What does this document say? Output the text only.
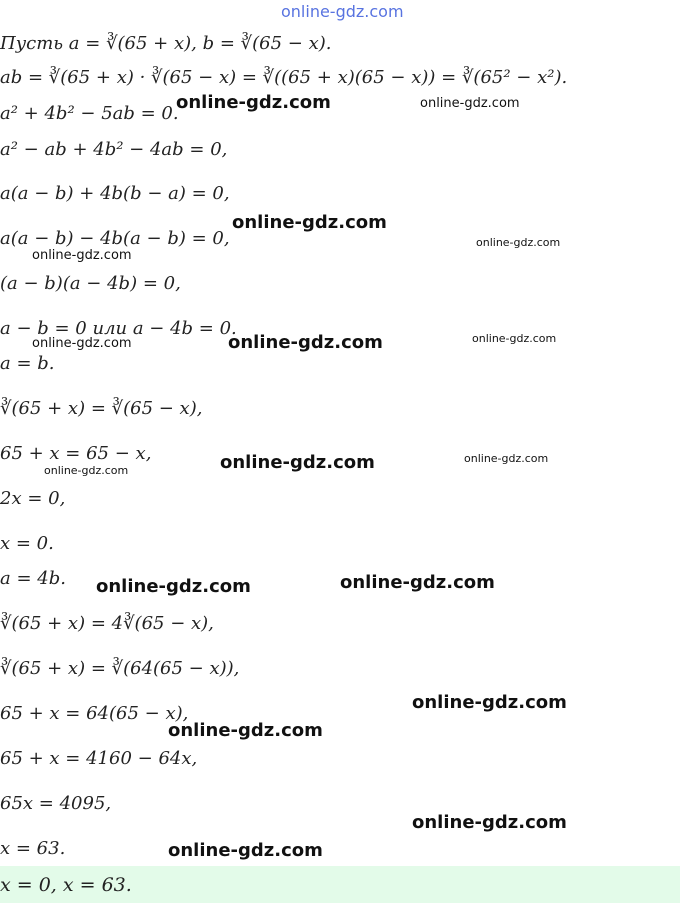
online-gdz.com
Пусть a = ∛(65 + x), b = ∛(65 − x).
ab = ∛(65 + x) · ∛(65 − x) = ∛((65 + x)(65 − x)) = ∛(65² − x²).
a² + 4b² − 5ab = 0.
a² − ab + 4b² − 4ab = 0,
a(a − b) + 4b(b − a) = 0,
a(a − b) − 4b(a − b) = 0,
(a − b)(a − 4b) = 0,
a − b = 0 или a − 4b = 0.
a = b.
∛(65 + x) = ∛(65 − x),
65 + x = 65 − x,
2x = 0,
x = 0.
a = 4b.
∛(65 + x) = 4∛(65 − x),
∛(65 + x) = ∛(64(65 − x)),
65 + x = 64(65 − x),
65 + x = 4160 − 64x,
65x = 4095,
x = 63.
x = 0, x = 63.
online-gdz.com	online-gdz.com
online-gdz.com
online-gdz.com
online-gdz.com
online-gdz.com	online-gdz.com
online-gdz.com
online-gdz.com	online-gdz.com
online-gdz.com
online-gdz.com	online-gdz.com
online-gdz.com
online-gdz.com
online-gdz.com
online-gdz.com
